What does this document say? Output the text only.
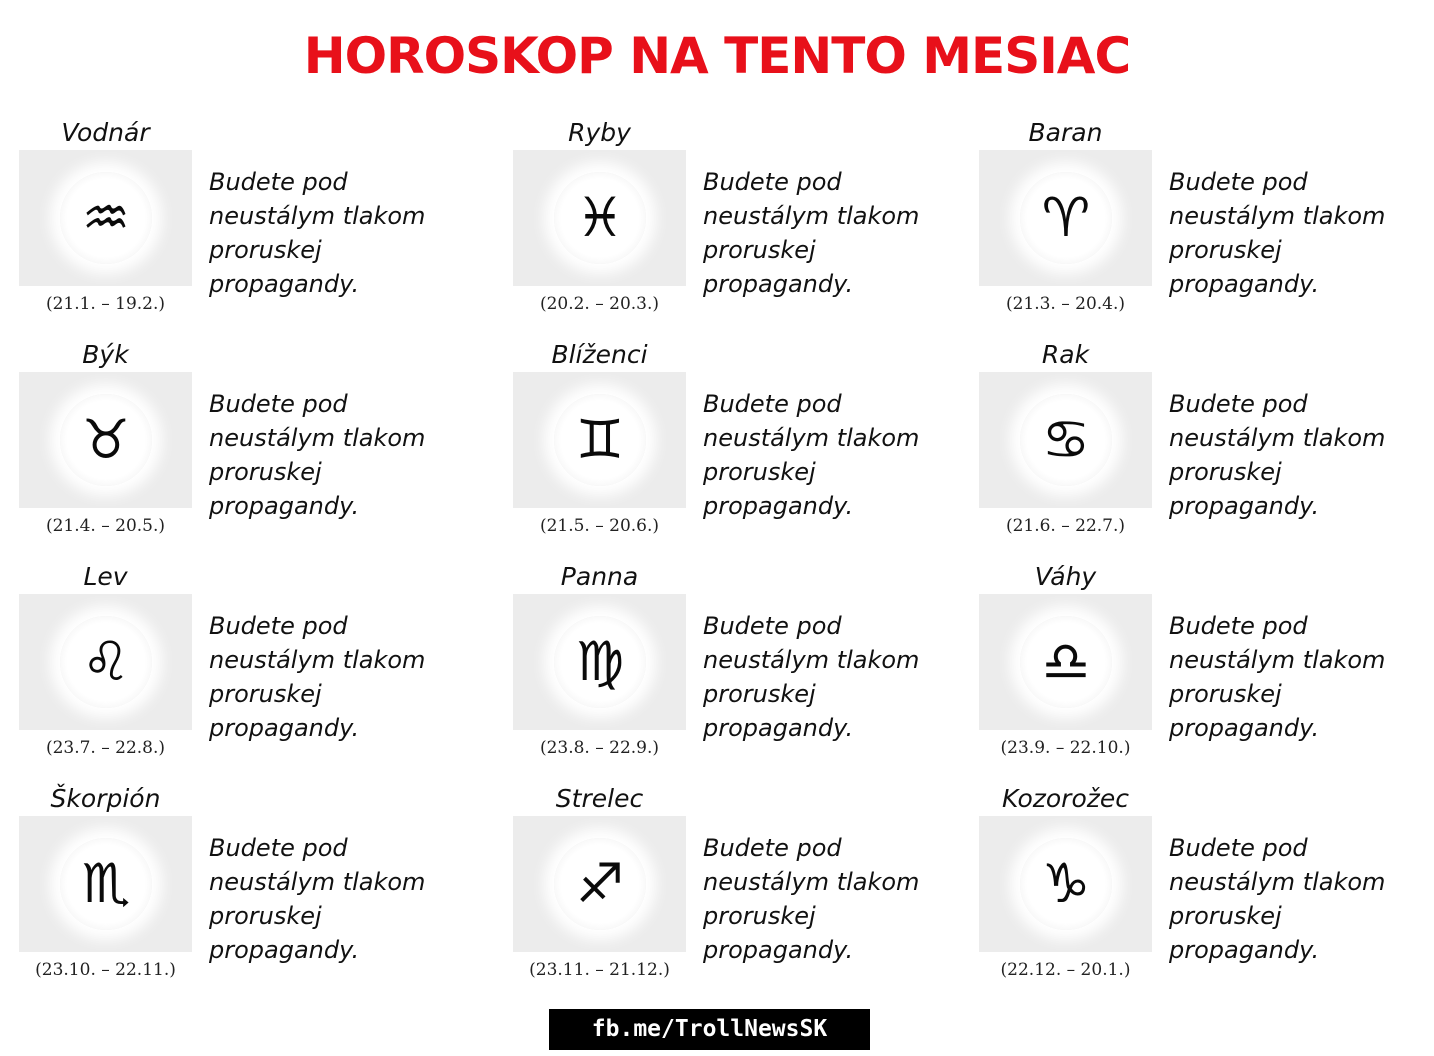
HOROSKOP NA TENTO MESIAC
Vodnár
♒
(21.1. – 19.2.)
Budete pod neustálym tlakom proruskej propagandy.
Ryby
♓
(20.2. – 20.3.)
Budete pod neustálym tlakom proruskej propagandy.
Baran
♈
(21.3. – 20.4.)
Budete pod neustálym tlakom proruskej propagandy.
Býk
♉
(21.4. – 20.5.)
Budete pod neustálym tlakom proruskej propagandy.
Blíženci
♊
(21.5. – 20.6.)
Budete pod neustálym tlakom proruskej propagandy.
Rak
♋
(21.6. – 22.7.)
Budete pod neustálym tlakom proruskej propagandy.
Lev
♌
(23.7. – 22.8.)
Budete pod neustálym tlakom proruskej propagandy.
Panna
♍
(23.8. – 22.9.)
Budete pod neustálym tlakom proruskej propagandy.
Váhy
♎
(23.9. – 22.10.)
Budete pod neustálym tlakom proruskej propagandy.
Škorpión
♏
(23.10. – 22.11.)
Budete pod neustálym tlakom proruskej propagandy.
Strelec
♐
(23.11. – 21.12.)
Budete pod neustálym tlakom proruskej propagandy.
Kozorožec
♑
(22.12. – 20.1.)
Budete pod neustálym tlakom proruskej propagandy.
fb.me/TrollNewsSK
